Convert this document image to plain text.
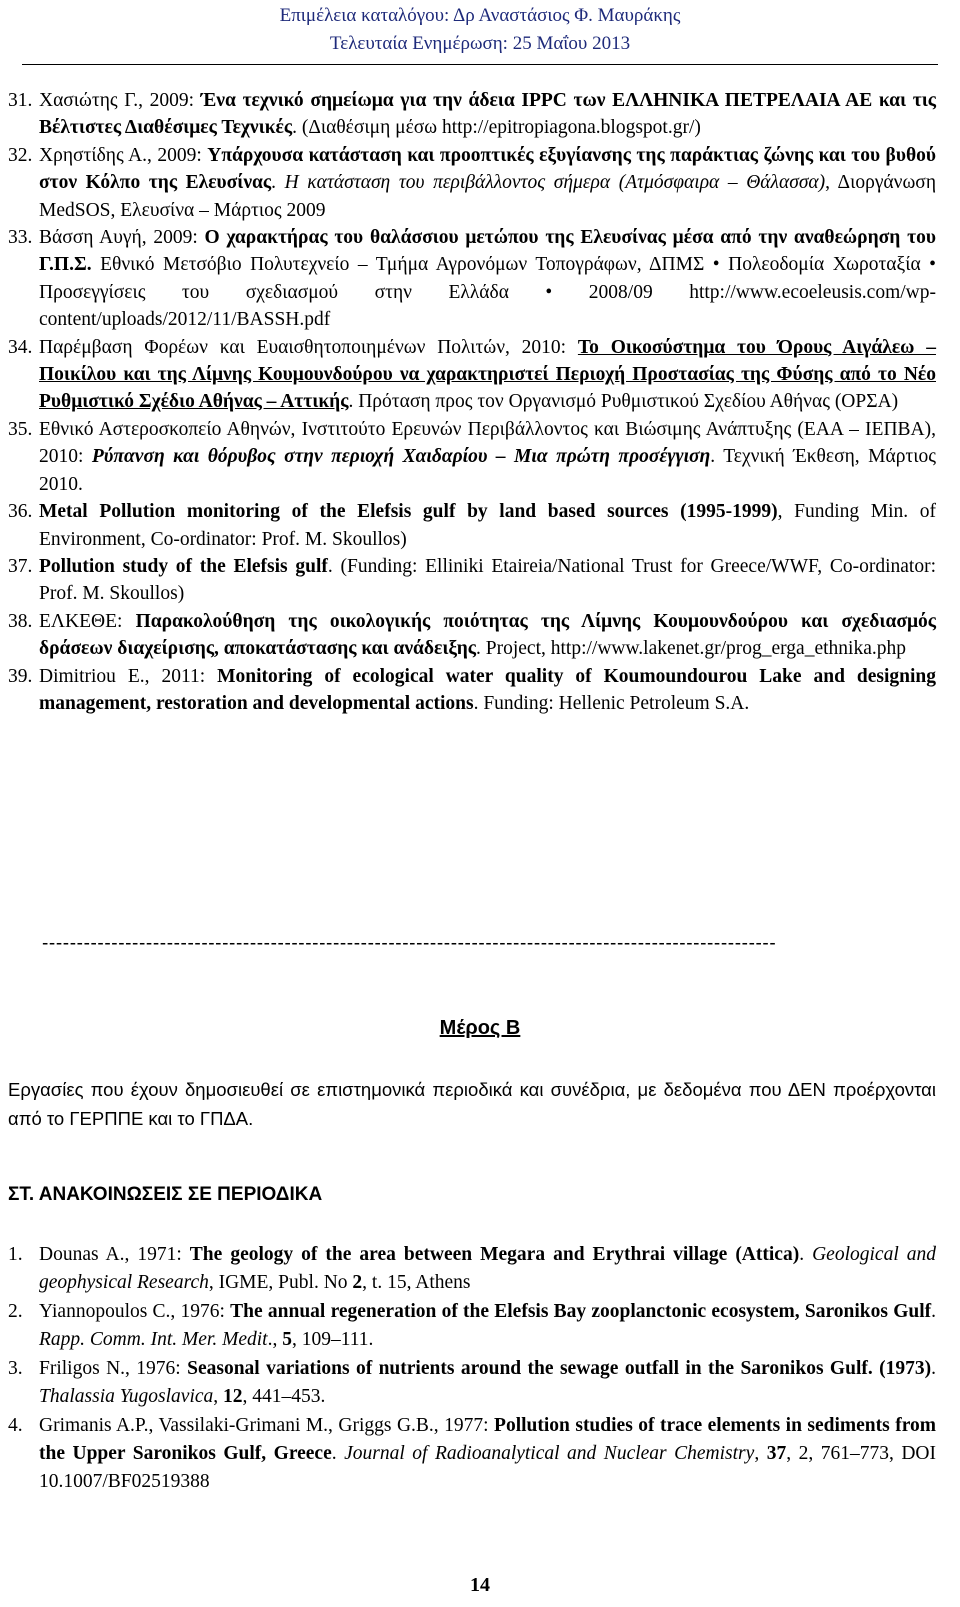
Επιμέλεια καταλόγου: Δρ Αναστάσιος Φ. Μαυράκης
Τελευταία Ενημέρωση: 25 Μαΐου 2013
31. Χασιώτης Γ., 2009: Ένα τεχνικό σημείωμα για την άδεια IPPC των ΕΛΛΗΝΙΚΑ ΠΕΤΡΕΛΑΙΑ ΑΕ και τις Βέλτιστες Διαθέσιμες Τεχνικές. (Διαθέσιμη μέσω http://epitropiagona.blogspot.gr/)
32. Χρηστίδης Α., 2009: Υπάρχουσα κατάσταση και προοπτικές εξυγίανσης της παράκτιας ζώνης και του βυθού στον Κόλπο της Ελευσίνας. Η κατάσταση του περιβάλλοντος σήμερα (Ατμόσφαιρα – Θάλασσα), Διοργάνωση MedSOS, Ελευσίνα – Μάρτιος 2009
33. Βάσση Αυγή, 2009: Ο χαρακτήρας του θαλάσσιου μετώπου της Ελευσίνας μέσα από την αναθεώρηση του Γ.Π.Σ. Εθνικό Μετσόβιο Πολυτεχνείο – Τμήμα Αγρονόμων Τοπογράφων, ΔΠΜΣ • Πολεοδομία Χωροταξία • Προσεγγίσεις του σχεδιασμού στην Ελλάδα • 2008/09 http://www.ecoeleusis.com/wp-content/uploads/2012/11/BASSH.pdf
34. Παρέμβαση Φορέων και Ευαισθητοποιημένων Πολιτών, 2010: Το Οικοσύστημα του Όρους Αιγάλεω – Ποικίλου και της Λίμνης Κουμουνδούρου να χαρακτηριστεί Περιοχή Προστασίας της Φύσης από το Νέο Ρυθμιστικό Σχέδιο Αθήνας – Αττικής. Πρόταση προς τον Οργανισμό Ρυθμιστικού Σχεδίου Αθήνας (ΟΡΣΑ)
35. Εθνικό Αστεροσκοπείο Αθηνών, Ινστιτούτο Ερευνών Περιβάλλοντος και Βιώσιμης Ανάπτυξης (ΕΑΑ – ΙΕΠΒΑ), 2010: Ρύπανση και θόρυβος στην περιοχή Χαιδαρίου – Μια πρώτη προσέγγιση. Τεχνική Έκθεση, Μάρτιος 2010.
36. Metal Pollution monitoring of the Elefsis gulf by land based sources (1995-1999), Funding Min. of Environment, Co-ordinator: Prof. M. Skoullos)
37. Pollution study of the Elefsis gulf. (Funding: Elliniki Etaireia/National Trust for Greece/WWF, Co-ordinator: Prof. M. Skoullos)
38. ΕΛΚΕΘΕ: Παρακολούθηση της οικολογικής ποιότητας της Λίμνης Κουμουνδούρου και σχεδιασμός δράσεων διαχείρισης, αποκατάστασης και ανάδειξης. Project, http://www.lakenet.gr/prog_erga_ethnika.php
39. Dimitriou E., 2011: Monitoring of ecological water quality of Koumoundourou Lake and designing management, restoration and developmental actions. Funding: Hellenic Petroleum S.A.
----------------------------------------------------------------------------------------------------------
Μέρος Β
Εργασίες που έχουν δημοσιευθεί σε επιστημονικά περιοδικά και συνέδρια, με δεδομένα που ΔΕΝ προέρχονται από το ΓΕΡΠΠΕ και το ΓΠΔΑ.
ΣΤ. ΑΝΑΚΟΙΝΩΣΕΙΣ ΣΕ ΠΕΡΙΟΔΙΚΑ
1. Dounas A., 1971: The geology of the area between Megara and Erythrai village (Attica). Geological and geophysical Research, IGME, Publ. No 2, t. 15, Athens
2. Yiannopoulos C., 1976: The annual regeneration of the Elefsis Bay zooplanctonic ecosystem, Saronikos Gulf. Rapp. Comm. Int. Mer. Medit., 5, 109–111.
3. Friligos N., 1976: Seasonal variations of nutrients around the sewage outfall in the Saronikos Gulf. (1973). Thalassia Yugoslavica, 12, 441–453.
4. Grimanis A.P., Vassilaki-Grimani M., Griggs G.B., 1977: Pollution studies of trace elements in sediments from the Upper Saronikos Gulf, Greece. Journal of Radioanalytical and Nuclear Chemistry, 37, 2, 761–773, DOI 10.1007/BF02519388
14
